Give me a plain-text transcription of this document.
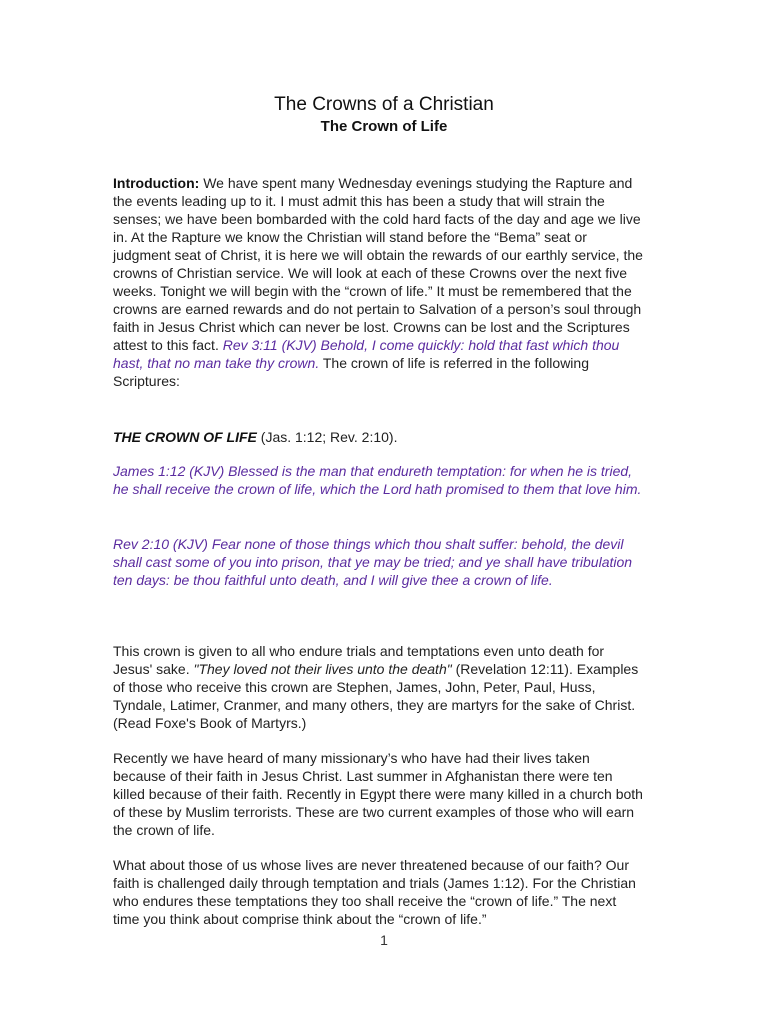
The Crowns of a Christian
The Crown of Life
Introduction: We have spent many Wednesday evenings studying the Rapture and the events leading up to it. I must admit this has been a study that will strain the senses; we have been bombarded with the cold hard facts of the day and age we live in. At the Rapture we know the Christian will stand before the “Bema” seat or judgment seat of Christ, it is here we will obtain the rewards of our earthly service, the crowns of Christian service. We will look at each of these Crowns over the next five weeks. Tonight we will begin with the “crown of life.” It must be remembered that the crowns are earned rewards and do not pertain to Salvation of a person’s soul through faith in Jesus Christ which can never be lost. Crowns can be lost and the Scriptures attest to this fact. Rev 3:11 (KJV) Behold, I come quickly: hold that fast which thou hast, that no man take thy crown. The crown of life is referred in the following Scriptures:
THE CROWN OF LIFE (Jas. 1:12; Rev. 2:10).
James 1:12 (KJV) Blessed is the man that endureth temptation: for when he is tried, he shall receive the crown of life, which the Lord hath promised to them that love him.
Rev 2:10 (KJV) Fear none of those things which thou shalt suffer: behold, the devil shall cast some of you into prison, that ye may be tried; and ye shall have tribulation ten days: be thou faithful unto death, and I will give thee a crown of life.
This crown is given to all who endure trials and temptations even unto death for Jesus' sake. "They loved not their lives unto the death" (Revelation 12:11). Examples of those who receive this crown are Stephen, James, John, Peter, Paul, Huss, Tyndale, Latimer, Cranmer, and many others, they are martyrs for the sake of Christ. (Read Foxe's Book of Martyrs.)
Recently we have heard of many missionary’s who have had their lives taken because of their faith in Jesus Christ. Last summer in Afghanistan there were ten killed because of their faith. Recently in Egypt there were many killed in a church both of these by Muslim terrorists. These are two current examples of those who will earn the crown of life.
What about those of us whose lives are never threatened because of our faith? Our faith is challenged daily through temptation and trials (James 1:12). For the Christian who endures these temptations they too shall receive the “crown of life.” The next time you think about comprise think about the “crown of life.”
1
